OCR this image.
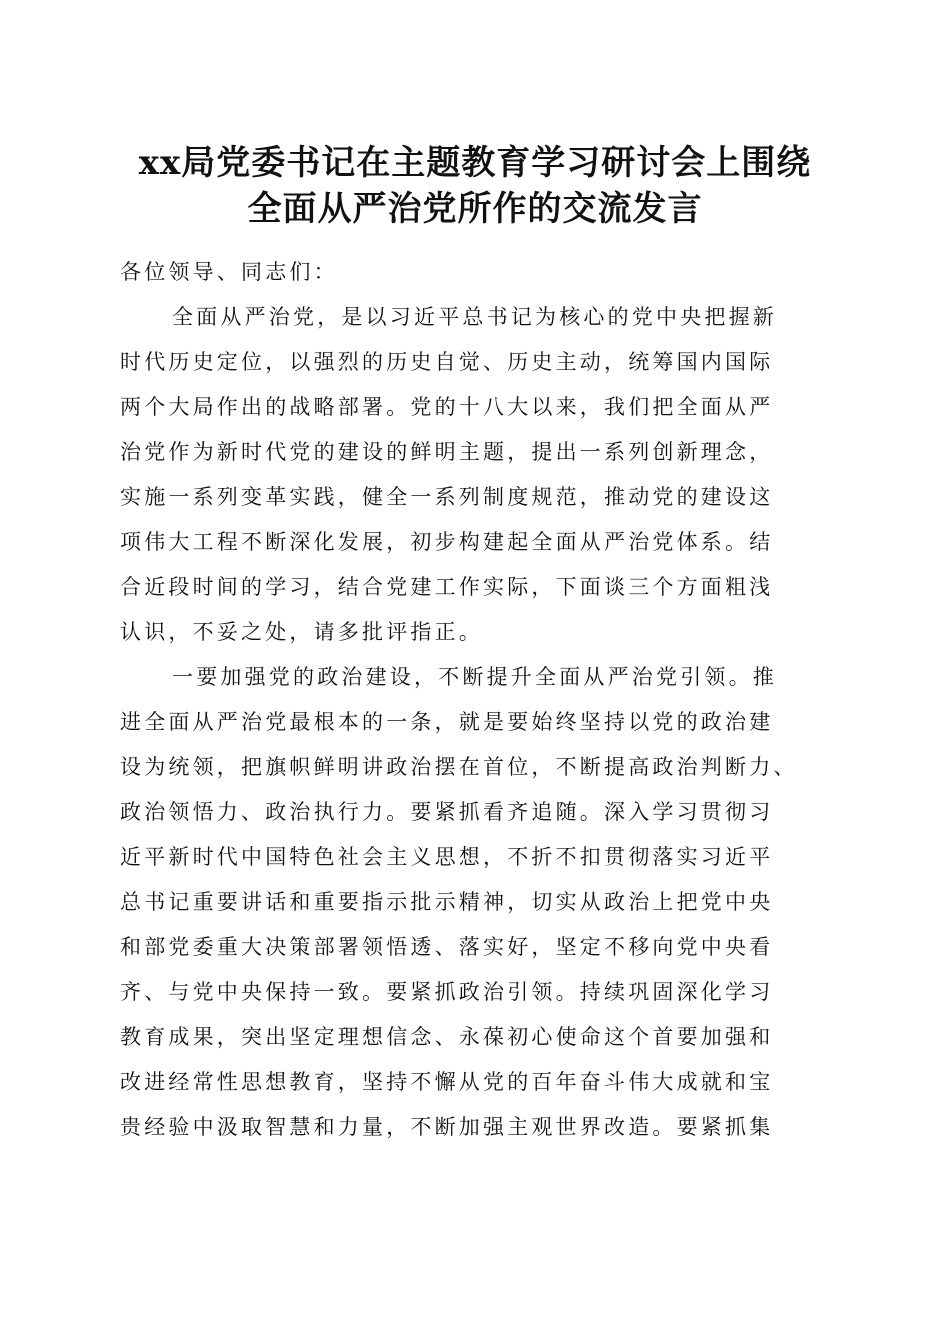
xx局党委书记在主题教育学习研讨会上围绕
全面从严治党所作的交流发言
各位领导、同志们：
全面从严治党，是以习近平总书记为核心的党中央把握新
时代历史定位，以强烈的历史自觉、历史主动，统筹国内国际
两个大局作出的战略部署。党的十八大以来，我们把全面从严
治党作为新时代党的建设的鲜明主题，提出一系列创新理念，
实施一系列变革实践，健全一系列制度规范，推动党的建设这
项伟大工程不断深化发展，初步构建起全面从严治党体系。结
合近段时间的学习，结合党建工作实际，下面谈三个方面粗浅
认识，不妥之处，请多批评指正。
一要加强党的政治建设，不断提升全面从严治党引领。推
进全面从严治党最根本的一条，就是要始终坚持以党的政治建
设为统领，把旗帜鲜明讲政治摆在首位，不断提高政治判断力、
政治领悟力、政治执行力。要紧抓看齐追随。深入学习贯彻习
近平新时代中国特色社会主义思想，不折不扣贯彻落实习近平
总书记重要讲话和重要指示批示精神，切实从政治上把党中央
和部党委重大决策部署领悟透、落实好，坚定不移向党中央看
齐、与党中央保持一致。要紧抓政治引领。持续巩固深化学习
教育成果，突出坚定理想信念、永葆初心使命这个首要加强和
改进经常性思想教育，坚持不懈从党的百年奋斗伟大成就和宝
贵经验中汲取智慧和力量，不断加强主观世界改造。要紧抓集
